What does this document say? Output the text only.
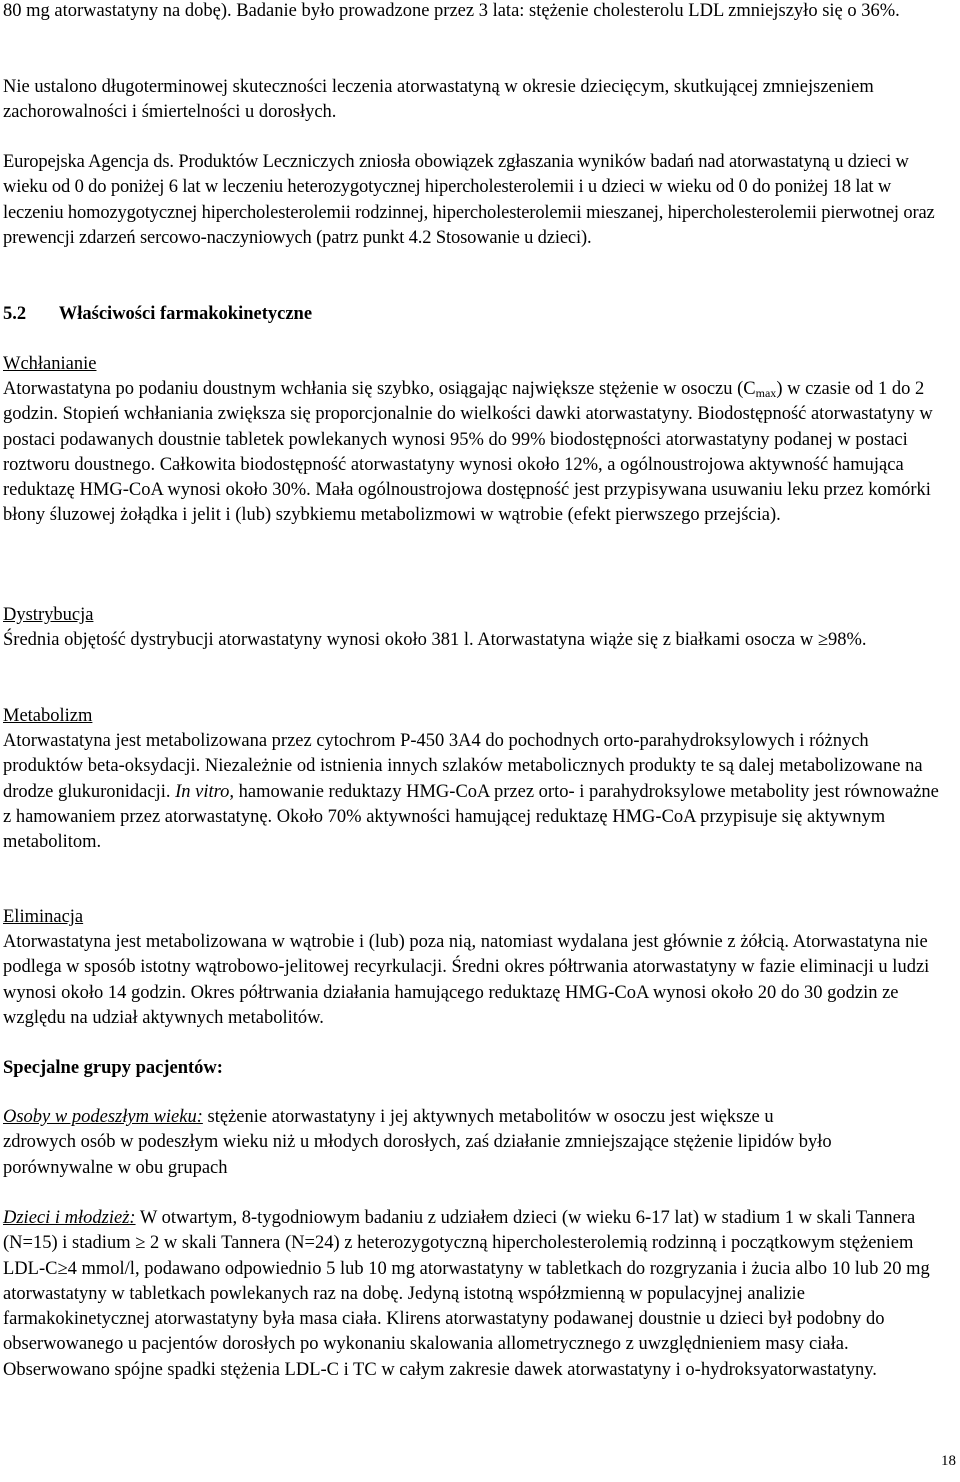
80 mg atorwastatyny na dobę). Badanie było prowadzone przez 3 lata: stężenie cholesterolu LDL zmniejszyło się o 36%.

Nie ustalono długoterminowej skuteczności leczenia atorwastatyną w okresie dziecięcym, skutkującej zmniejszeniem zachorowalności i śmiertelności u dorosłych.

Europejska Agencja ds. Produktów Leczniczych zniosła obowiązek zgłaszania wyników badań nad atorwastatyną u dzieci w wieku od 0 do poniżej 6 lat w leczeniu heterozygotycznej hipercholesterolemii i u dzieci w wieku od 0 do poniżej 18 lat w leczeniu homozygotycznej hipercholesterolemii rodzinnej, hipercholesterolemii mieszanej, hipercholesterolemii pierwotnej oraz prewencji zdarzeń sercowo-naczyniowych (patrz punkt 4.2 Stosowanie u dzieci).

5.2 Właściwości farmakokinetyczne

Wchłanianie

Atorwastatyna po podaniu doustnym wchłania się szybko, osiągając największe stężenie w osoczu $(C_{max})$ w czasie od 1 do 2 godzin. Stopień wchłaniania zwiększa się proporcjonalnie do wielkości dawki atorwastatyny. Biodostępność atorwastatyny w postaci podawanych doustnie tabletek powlekanych wynosi 95% do 99% biodostępności atorwastatyny podanej w postaci roztworu doustnego. Całkowita biodostępność atorwastatyny wynosi około 12%, a ogólnoustrojowa aktywność hamująca reduktazę HMG-CoA wynosi około 30%. Mała ogólnoustrojowa dostępność jest przypisywana usuwaniu leku przez komórki błony śluzowej żołądka i jelit i (lub) szybkiemu metabolizmowi w wątrobie (efekt pierwszego przejścia).

Dystrybucja

Średnia objętość dystrybucji atorwastatyny wynosi około 381 l. Atorwastatyna wiąże się z białkami osocza w ≥98%.

Metabolizm

Atorwastatyna jest metabolizowana przez cytochrom P-450 3A4 do pochodnych orto-parahydroksylowych i różnych produktów beta-oksydacji. Niezależnie od istnienia innych szlaków metabolicznych produkty te są dalej metabolizowane na drodze glukuronidacji. In vitro, hamowanie reduktazy HMG-CoA przez orto- i parahydroksylowe metabolity jest równoważne z hamowaniem przez atorwastatynę. Około 70% aktywności hamującej reduktazę HMG-CoA przypisuje się aktywnym metabolitom.

Eliminacja

Atorwastatyna jest metabolizowana w wątrobie i (lub) poza nią, natomiast wydalana jest głównie z żółcią. Atorwastatyna nie podlega w sposób istotny wątrobowo-jelitowej recyrkulacji. Średni okres półtrwania atorwastatyny w fazie eliminacji u ludzi wynosi około 14 godzin. Okres półtrwania działania hamującego reduktazę HMG-CoA wynosi około 20 do 30 godzin ze względu na udział aktywnych metabolitów.

Specjalne grupy pacjentów:

Osoby w podeszłym wieku: stężenie atorwastatyny i jej aktywnych metabolitów w osoczu jest większe u zdrowych osób w podeszłym wieku niż u młodych dorosłych, zaś działanie zmniejszające stężenie lipidów było porównywalne w obu grupach

Dzieci i młodzież: W otwartym, 8-tygodniowym badaniu z udziałem dzieci (w wieku 6-17 lat) w stadium 1 w skali Tannera (N=15) i stadium ≥ 2 w skali Tannera (N=24) z heterozygotyczną hipercholesterolemią rodzinną i początkowym stężeniem LDL-C≥4 mmol/l, podawano odpowiednio 5 lub 10 mg atorwastatyny w tabletkach do rozgryzania i żucia albo 10 lub 20 mg atorwastatyny w tabletkach powlekanych raz na dobę. Jedyną istotną współzmienną w populacyjnej analizie farmakokinetycznej atorwastatyny była masa ciała. Klirens atorwastatyny podawanej doustnie u dzieci był podobny do obserwowanego u pacjentów dorosłych po wykonaniu skalowania allometrycznego z uwzględnieniem masy ciała. Obserwowano spójne spadki stężenia LDL-C i TC w całym zakresie dawek atorwastatyny i o-hydroksyatorwastatyny.

18
